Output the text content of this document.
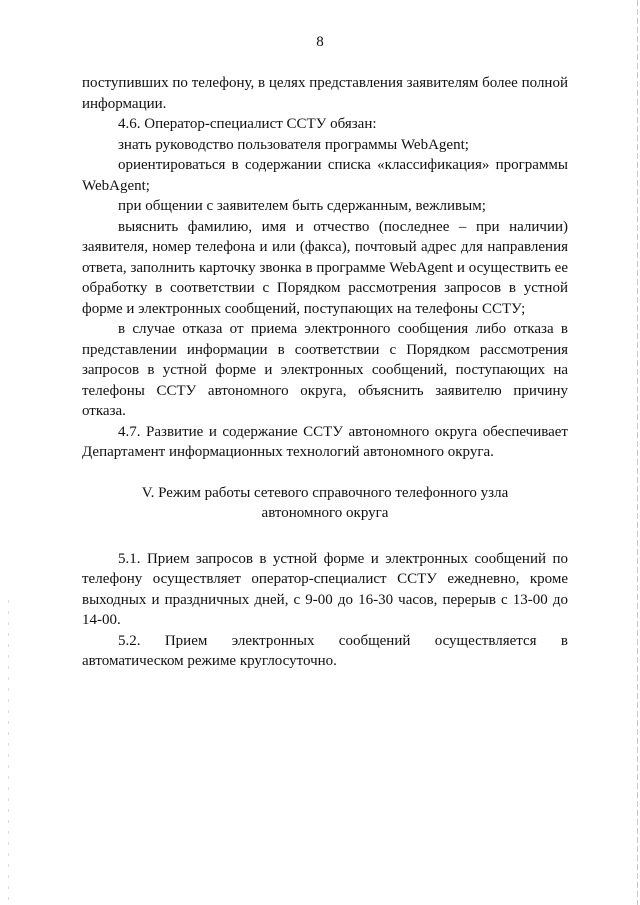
8

поступивших по телефону, в целях представления заявителям более полной информации.

4.6. Оператор-специалист ССТУ обязан:

знать руководство пользователя программы WebAgent;

ориентироваться в содержании списка «классификация» программы WebAgent;

при общении с заявителем быть сдержанным, вежливым;

выяснить фамилию, имя и отчество (последнее – при наличии) заявителя, номер телефона и или (факса), почтовый адрес для направления ответа, заполнить карточку звонка в программе WebAgent и осуществить ее обработку в соответствии с Порядком рассмотрения запросов в устной форме и электронных сообщений, поступающих на телефоны ССТУ;

в случае отказа от приема электронного сообщения либо отказа в представлении информации в соответствии с Порядком рассмотрения запросов в устной форме и электронных сообщений, поступающих на телефоны ССТУ автономного округа, объяснить заявителю причину отказа.

4.7. Развитие и содержание ССТУ автономного округа обеспечивает Департамент информационных технологий автономного округа.

V. Режим работы сетевого справочного телефонного узла автономного округа

5.1. Прием запросов в устной форме и электронных сообщений по телефону осуществляет оператор-специалист ССТУ ежедневно, кроме выходных и праздничных дней, с 9-00 до 16-30 часов, перерыв с 13-00 до 14-00.

5.2. Прием электронных сообщений осуществляется в автоматическом режиме круглосуточно.
